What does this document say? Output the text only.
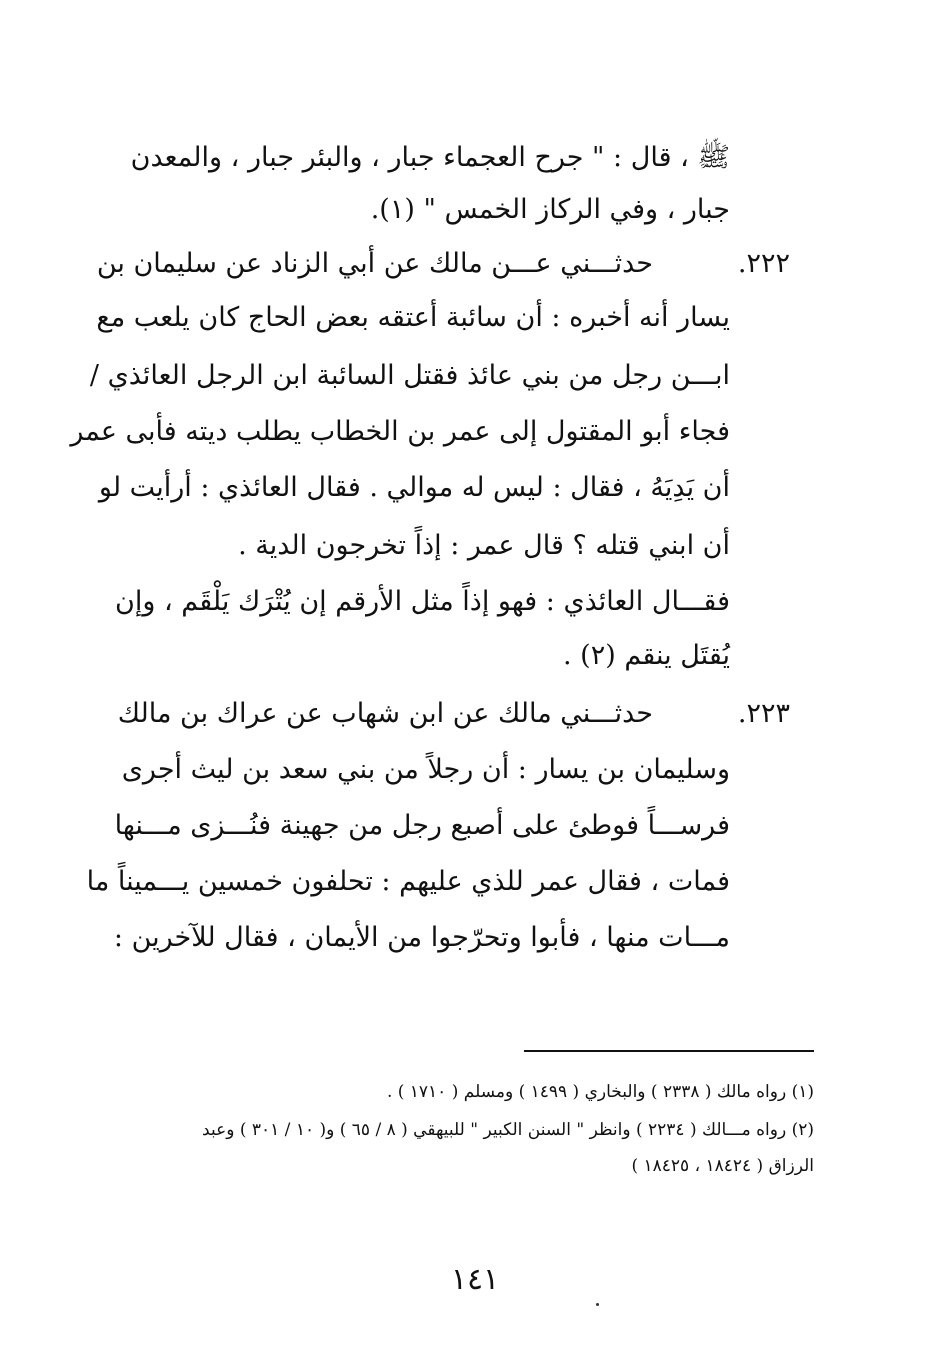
ﷺ ، قال : " جرح العجماء جبار ، والبئر جبار ، والمعدن
جبار ، وفي الركاز الخمس " (١).
٢٢٢.
حدثـــني عـــن مالك عن أبي الزناد عن سليمان بن
يسار أنه أخبره : أن سائبة أعتقه بعض الحاج كان يلعب مع
ابـــن رجل من بني عائذ فقتل السائبة ابن الرجل العائذي /
فجاء أبو المقتول إلى عمر بن الخطاب يطلب ديته فأبى عمر
أن يَدِيَهُ ، فقال : ليس له موالي . فقال العائذي : أرأيت لو
أن ابني قتله ؟ قال عمر : إذاً تخرجون الدية .
فقـــال العائذي : فهو إذاً مثل الأرقم إن يُتْرَك يَلْقَم ، وإن
يُقتَل ينقم (٢) .
٢٢٣.
حدثـــني مالك عن ابن شهاب عن عراك بن مالك
وسليمان بن يسار : أن رجلاً من بني سعد بن ليث أجرى
فرســـاً فوطئ على أصبع رجل من جهينة فنُـــزى مـــنها
فمات ، فقال عمر للذي عليهم : تحلفون خمسين يـــميناً ما
مـــات منها ، فأبوا وتحرّجوا من الأيمان ، فقال للآخرين :
(١) رواه مالك ( ٢٣٣٨ ) والبخاري ( ١٤٩٩ ) ومسلم ( ١٧١٠ ) .
(٢) رواه مـــالك ( ٢٢٣٤ ) وانظر " السنن الكبير " للبيهقي ( ٨ / ٦٥ ) و( ١٠ / ٣٠١ ) وعبد
الرزاق ( ١٨٤٢٤ ، ١٨٤٢٥ )
١٤١
